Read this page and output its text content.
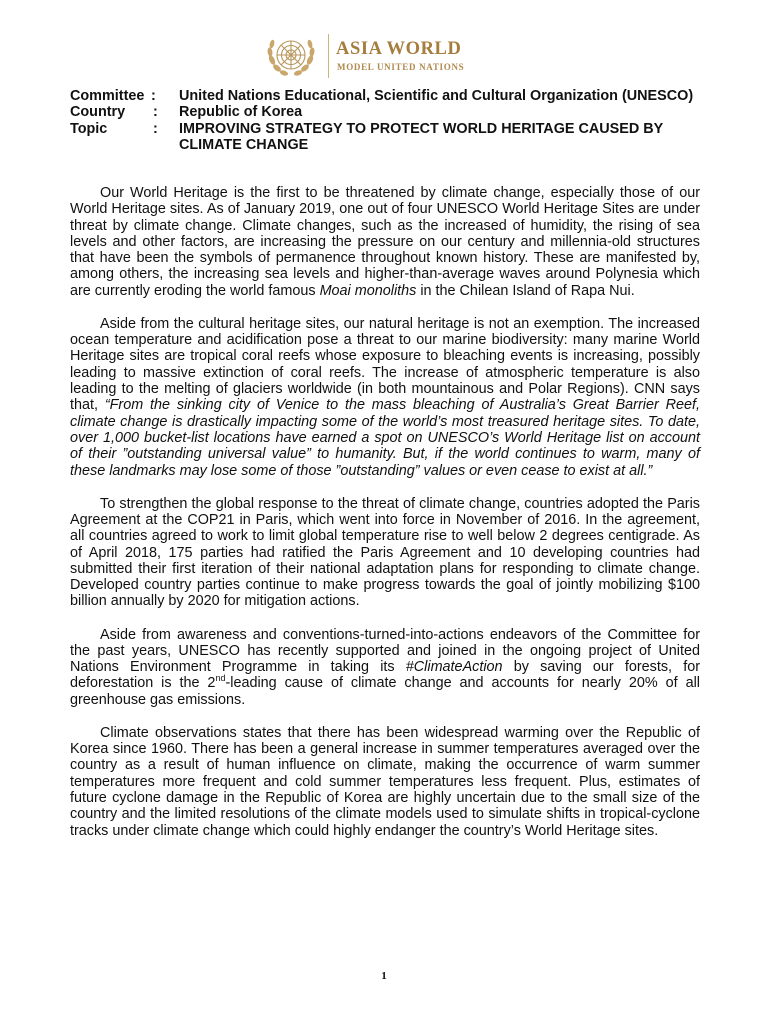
ASIA WORLD
MODEL UNITED NATIONS
Committee : United Nations Educational, Scientific and Cultural Organization (UNESCO)
Country : Republic of Korea
Topic	: IMPROVING STRATEGY TO PROTECT WORLD HERITAGE CAUSED BY CLIMATE CHANGE

Our World Heritage is the first to be threatened by climate change, especially those of our World Heritage sites. As of January 2019, one out of four UNESCO World Heritage Sites are under threat by climate change. Climate changes, such as the increased of humidity, the rising of sea levels and other factors, are increasing the pressure on our century and millennia-old structures that have been the symbols of permanence throughout known history. These are manifested by, among others, the increasing sea levels and higher-than-average waves around Polynesia which are currently eroding the world famous Moai monoliths in the Chilean Island of Rapa Nui.

Aside from the cultural heritage sites, our natural heritage is not an exemption. The increased ocean temperature and acidification pose a threat to our marine biodiversity: many marine World Heritage sites are tropical coral reefs whose exposure to bleaching events is increasing, possibly leading to massive extinction of coral reefs. The increase of atmospheric temperature is also leading to the melting of glaciers worldwide (in both mountainous and Polar Regions). CNN says that, “From the sinking city of Venice to the mass bleaching of Australia’s Great Barrier Reef, climate change is drastically impacting some of the world’s most treasured heritage sites. To date, over 1,000 bucket-list locations have earned a spot on UNESCO’s World Heritage list on account of their ”outstanding universal value” to humanity. But, if the world continues to warm, many of these landmarks may lose some of those ”outstanding” values or even cease to exist at all.”

To strengthen the global response to the threat of climate change, countries adopted the Paris Agreement at the COP21 in Paris, which went into force in November of 2016. In the agreement, all countries agreed to work to limit global temperature rise to well below 2 degrees centigrade. As of April 2018, 175 parties had ratified the Paris Agreement and 10 developing countries had submitted their first iteration of their national adaptation plans for responding to climate change. Developed country parties continue to make progress towards the goal of jointly mobilizing $100 billion annually by 2020 for mitigation actions.

Aside from awareness and conventions-turned-into-actions endeavors of the Committee for the past years, UNESCO has recently supported and joined in the ongoing project of United Nations Environment Programme in taking its #ClimateAction by saving our forests, for deforestation is the 2nd-leading cause of climate change and accounts for nearly 20% of all greenhouse gas emissions.

Climate observations states that there has been widespread warming over the Republic of Korea since 1960. There has been a general increase in summer temperatures averaged over the country as a result of human influence on climate, making the occurrence of warm summer temperatures more frequent and cold summer temperatures less frequent. Plus, estimates of future cyclone damage in the Republic of Korea are highly uncertain due to the small size of the country and the limited resolutions of the climate models used to simulate shifts in tropical-cyclone tracks under climate change which could highly endanger the country’s World Heritage sites.

1
